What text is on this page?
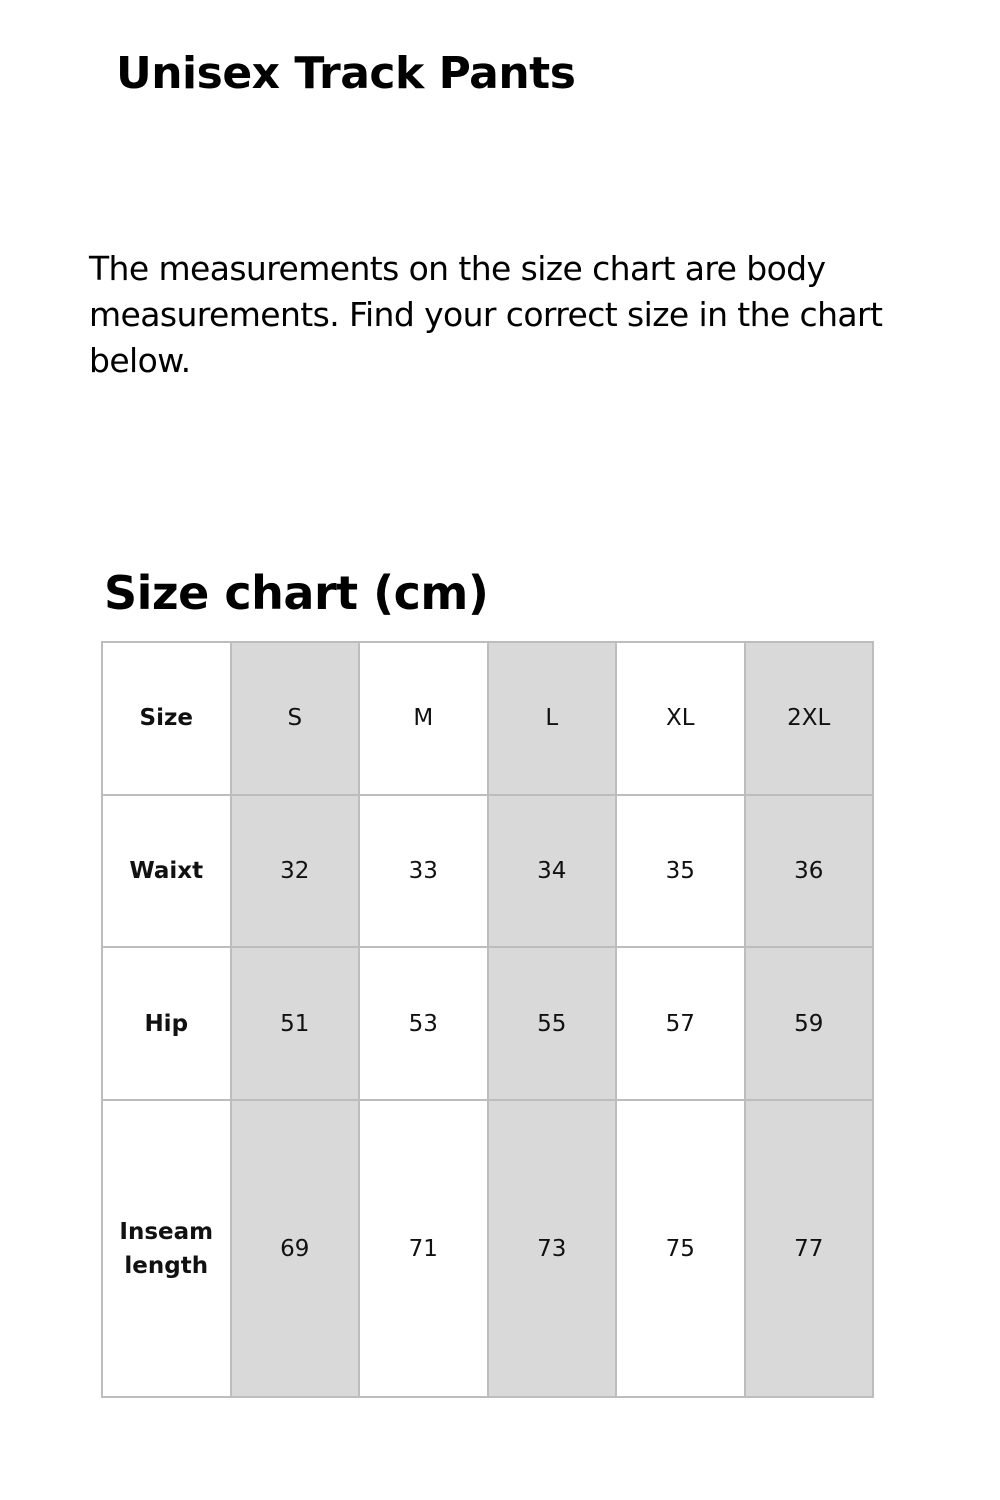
Unisex Track Pants

The measurements on the size chart are body measurements. Find your correct size in the chart below.

Size chart (cm)
Size	S	M	L	XL	2XL
Waixt	32	33	34	35	36
Hip	51	53	55	57	59
Inseam length	69	71	73	75	77
